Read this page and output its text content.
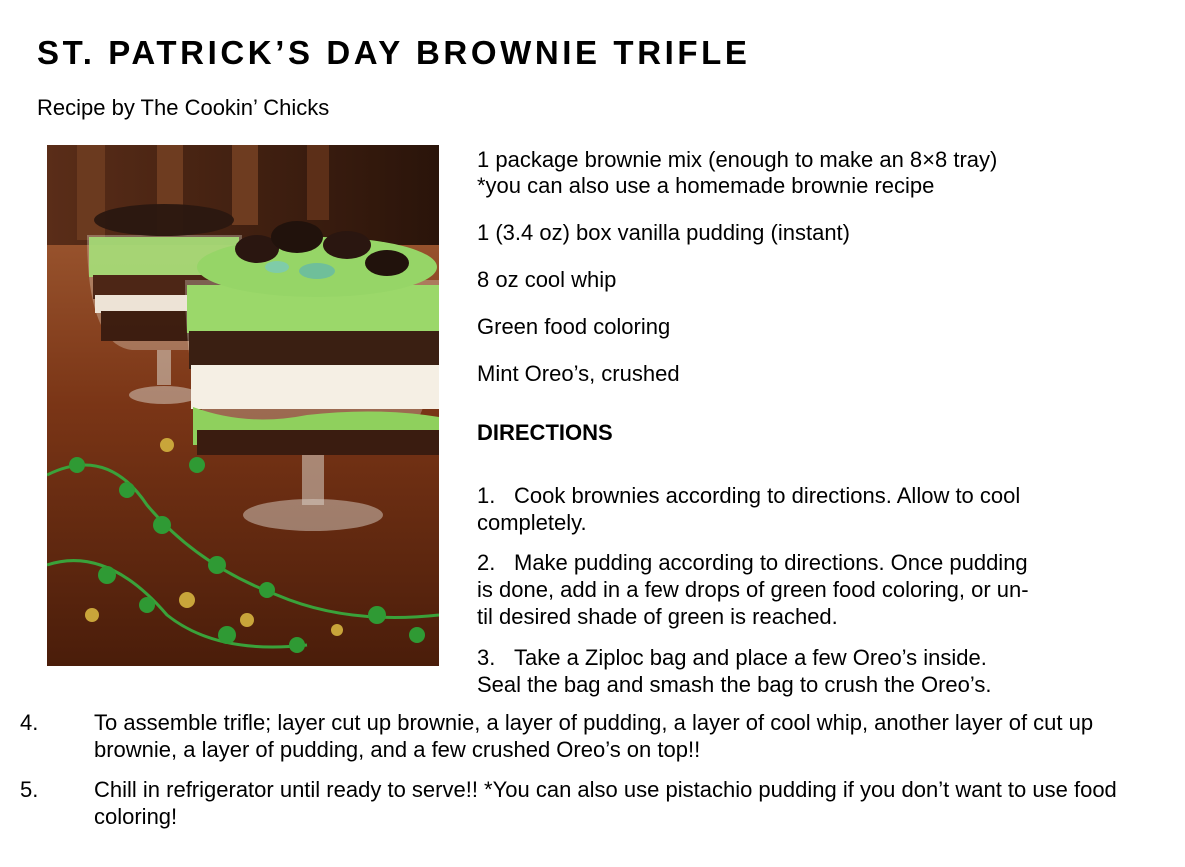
ST. PATRICK’S DAY BROWNIE TRIFLE
Recipe by The Cookin’ Chicks

1 package brownie mix (enough to make an 8×8 tray)
*you can also use a homemade brownie recipe

1 (3.4 oz) box vanilla pudding (instant)

8 oz cool whip

Green food coloring

Mint Oreo’s, crushed

DIRECTIONS

1. Cook brownies according to directions. Allow to cool
completely.
2. Make pudding according to directions. Once pudding
is done, add in a few drops of green food coloring, or un-
til desired shade of green is reached.
3. Take a Ziploc bag and place a few Oreo’s inside.
Seal the bag and smash the bag to crush the Oreo’s.
4.	To assemble trifle; layer cut up brownie, a layer of pudding, a layer of cool whip, another layer of cut up brownie, a layer of pudding, and a few crushed Oreo’s on top!!
5.	Chill in refrigerator until ready to serve!! *You can also use pistachio pudding if you don’t want to use food coloring!
